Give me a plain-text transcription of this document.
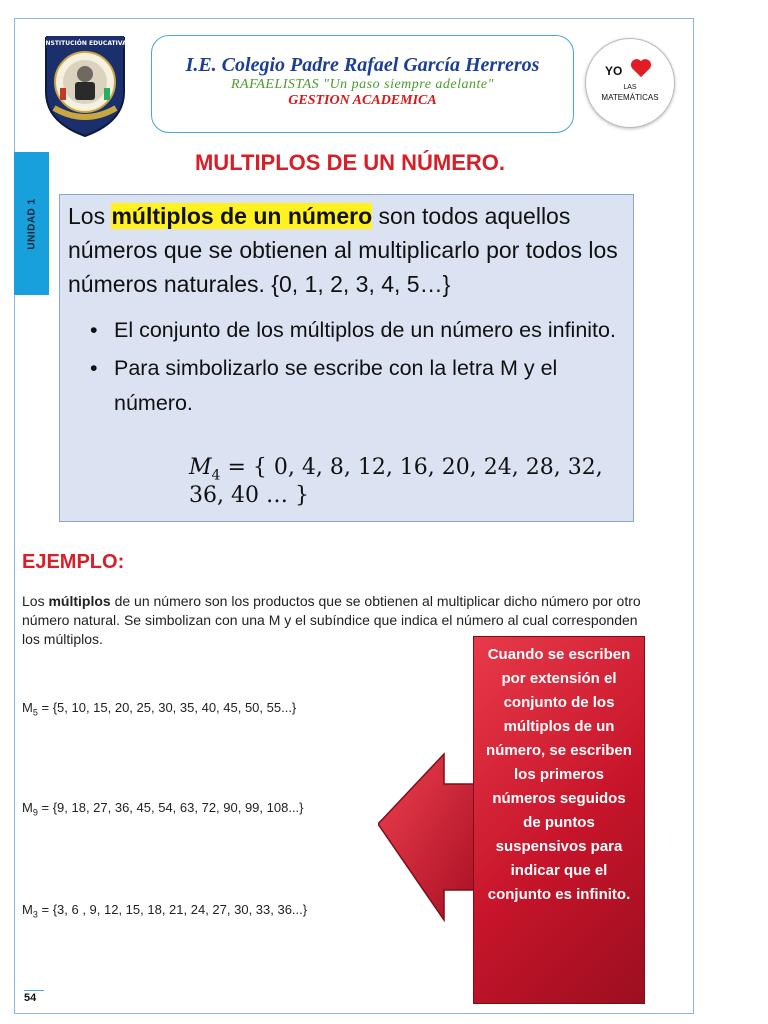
INSTITUCIÓN EDUCATIVA
I.E. Colegio Padre Rafael García Herreros
RAFAELISTAS "Un paso siempre adelante"
GESTION ACADEMICA
YO
LAS
MATEMÁTICAS
UNIDAD 1
MULTIPLOS DE UN NÚMERO.
Los múltiplos de un número son todos aquellos números que se obtienen al multiplicarlo por todos los números naturales. {0, 1, 2, 3, 4, 5…}
• El conjunto de los múltiplos de un número es infinito.
• Para simbolizarlo se escribe con la letra M y el número.
$M_4$ = { 0, 4, 8, 12, 16, 20, 24, 28, 32, 36, 40 … }
EJEMPLO:
Los múltiplos de un número son los productos que se obtienen al multiplicar dicho número por otro número natural. Se simbolizan con una M y el subíndice que indica el número al cual corresponden los múltiplos.
$M_5 = \{5$, 10, 15, 20, 25, 30, 35, 40, 45, 50, 55...}
$M_9 = \{9$, 18, 27, 36, 45, 54, 63, 72, 90, 99, 108...}
$M_3 = \{3$, 6 , 9, 12, 15, 18, 21, 24, 27, 30, 33, 36...}
Cuando se escriben por extensión el conjunto de los múltiplos de un número, se escriben los primeros números seguidos de puntos suspensivos para indicar que el conjunto es infinito.
54
